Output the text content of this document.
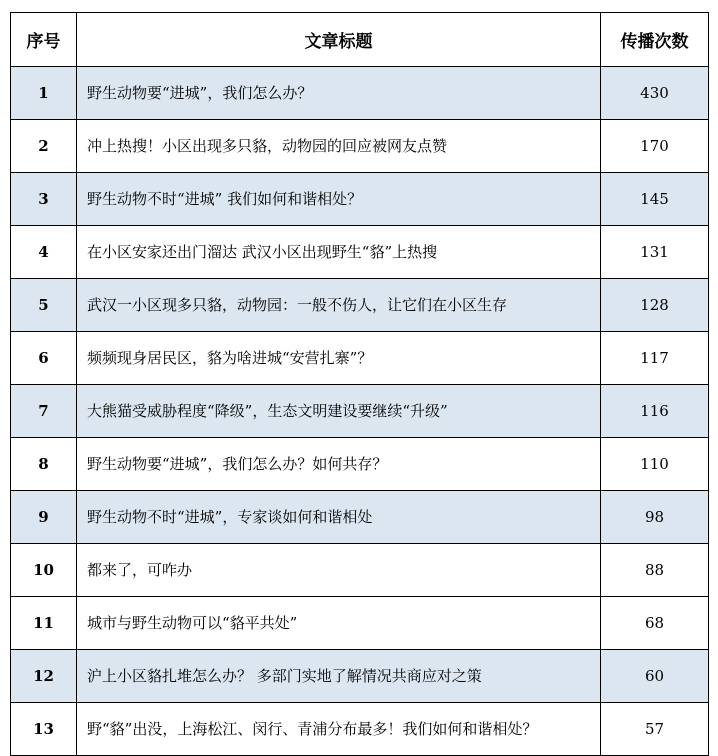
序号	文章标题	传播次数
1	野生动物要“进城”，我们怎么办？	430
2	冲上热搜！小区出现多只貉，动物园的回应被网友点赞	170
3	野生动物不时“进城” 我们如何和谐相处？	145
4	在小区安家还出门溜达 武汉小区出现野生“貉”上热搜	131
5	武汉一小区现多只貉，动物园：一般不伤人，让它们在小区生存	128
6	频频现身居民区，貉为啥进城“安营扎寨”？	117
7	大熊猫受威胁程度“降级”，生态文明建设要继续“升级”	116
8	野生动物要“进城”，我们怎么办？如何共存？	110
9	野生动物不时“进城”，专家谈如何和谐相处	98
10	都来了，可咋办	88
11	城市与野生动物可以“貉平共处”	68
12	沪上小区貉扎堆怎么办？ 多部门实地了解情况共商应对之策	60
13	野“貉”出没，上海松江、闵行、青浦分布最多！我们如何和谐相处？	57
